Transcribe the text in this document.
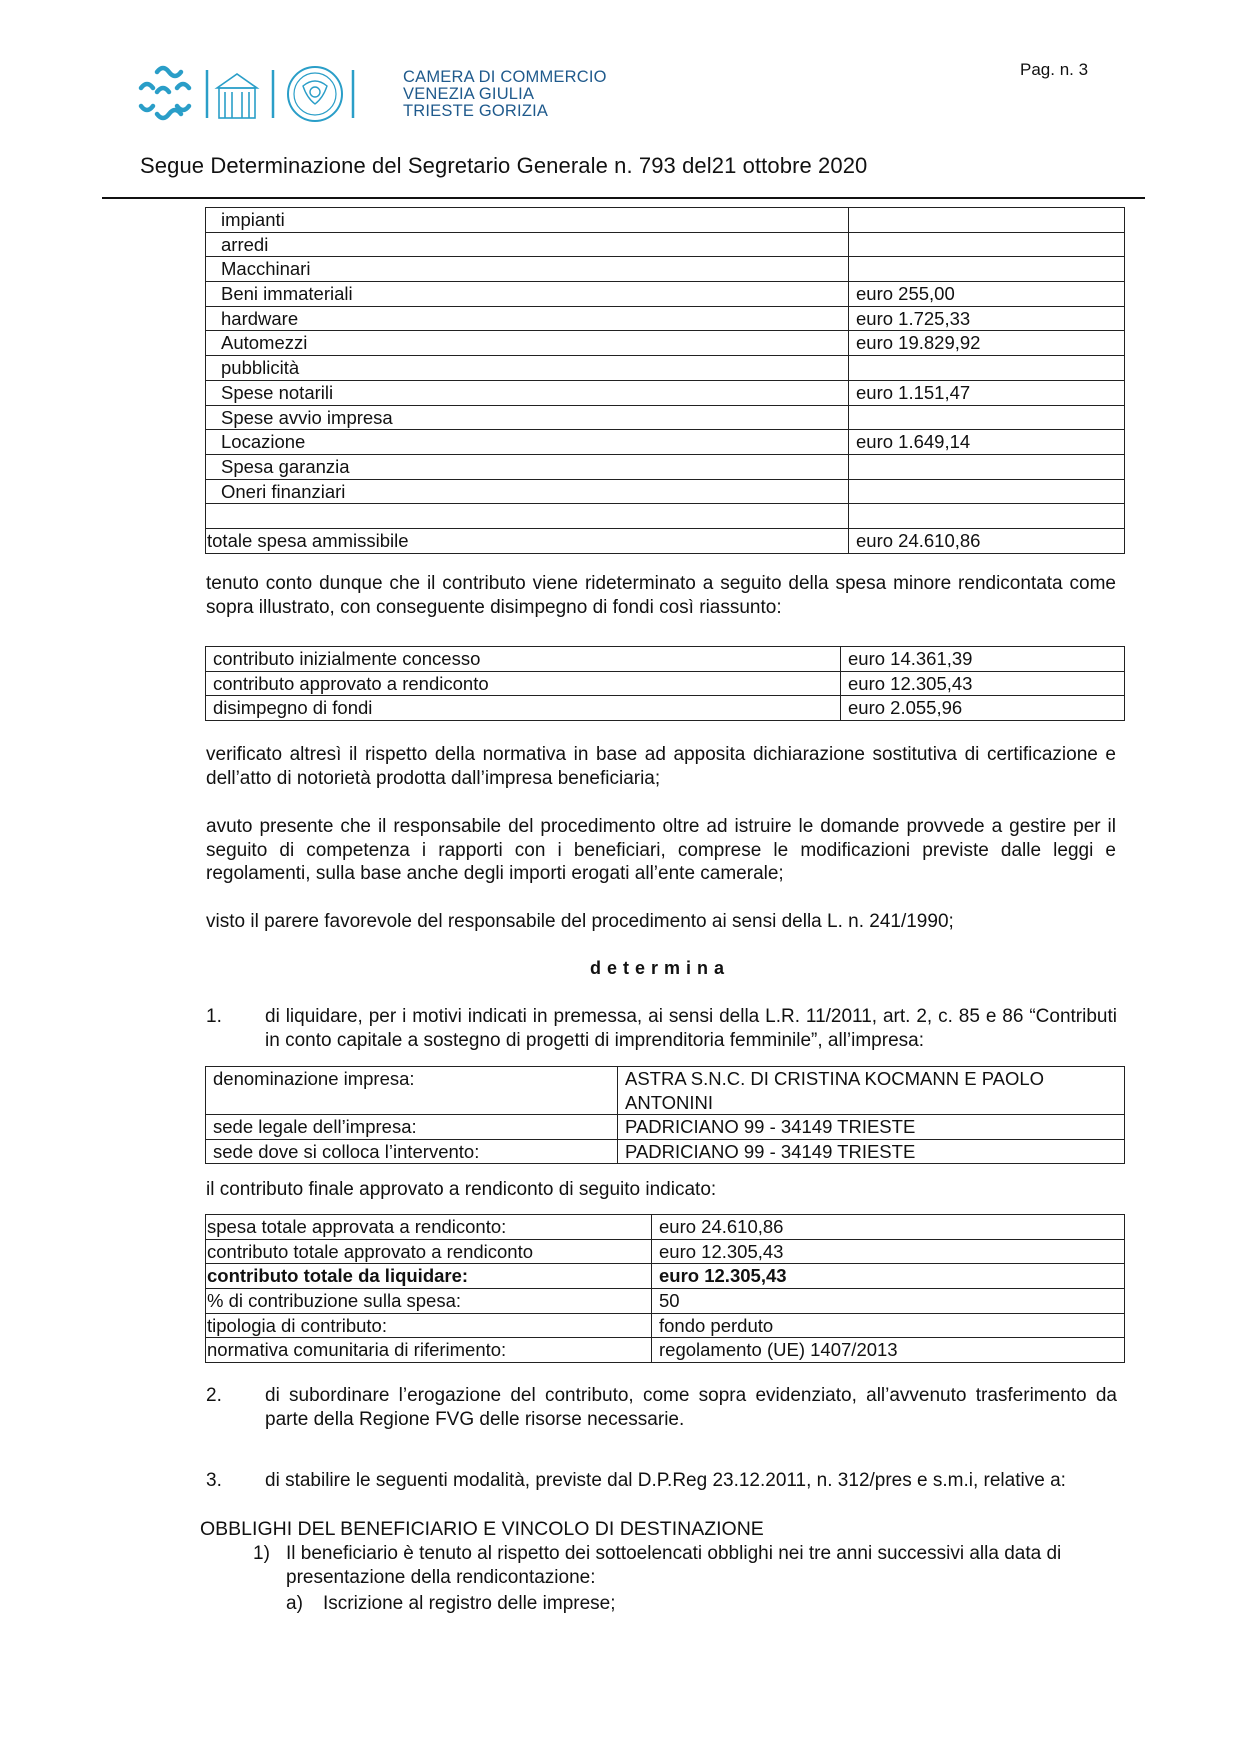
CAMERA DI COMMERCIO
VENEZIA GIULIA
TRIESTE GORIZIA
Pag. n. 3
Segue Determinazione del Segretario Generale n. 793 del21 ottobre 2020
impianti	
arredi	
Macchinari	
Beni immateriali	euro 255,00
hardware	euro 1.725,33
Automezzi	euro 19.829,92
pubblicità	
Spese notarili	euro 1.151,47
Spese avvio impresa	
Locazione	euro 1.649,14
Spesa garanzia	
Oneri finanziari	

totale spesa ammissibile	euro 24.610,86
tenuto conto dunque che il contributo viene rideterminato a seguito della spesa minore rendicontata come sopra illustrato, con conseguente disimpegno di fondi così riassunto:
contributo inizialmente concesso	euro 14.361,39
contributo approvato a rendiconto	euro 12.305,43
disimpegno di fondi	euro 2.055,96
verificato altresì il rispetto della normativa in base ad apposita dichiarazione sostitutiva di certificazione e dell’atto di notorietà prodotta dall’impresa beneficiaria;
avuto presente che il responsabile del procedimento oltre ad istruire le domande provvede a gestire per il seguito di competenza i rapporti con i beneficiari, comprese le modificazioni previste dalle leggi e regolamenti, sulla base anche degli importi erogati all’ente camerale;
visto il parere favorevole del responsabile del procedimento ai sensi della L. n. 241/1990;
determina
1. di liquidare, per i motivi indicati in premessa, ai sensi della L.R. 11/2011, art. 2, c. 85 e 86 “Contributi in conto capitale a sostegno di progetti di imprenditoria femminile”, all’impresa:
denominazione impresa:	ASTRA S.N.C. DI CRISTINA KOCMANN E PAOLO ANTONINI
sede legale dell’impresa:	PADRICIANO 99 - 34149 TRIESTE
sede dove si colloca l’intervento:	PADRICIANO 99 - 34149 TRIESTE
il contributo finale approvato a rendiconto di seguito indicato:
spesa totale approvata a rendiconto:	euro 24.610,86
contributo totale approvato a rendiconto	euro 12.305,43
contributo totale da liquidare:	euro 12.305,43
% di contribuzione sulla spesa:	50
tipologia di contributo:	fondo perduto
normativa comunitaria di riferimento:	regolamento (UE) 1407/2013
2. di subordinare l’erogazione del contributo, come sopra evidenziato, all’avvenuto trasferimento da parte della Regione FVG delle risorse necessarie.
3. di stabilire le seguenti modalità, previste dal D.P.Reg 23.12.2011, n. 312/pres e s.m.i, relative a:
OBBLIGHI DEL BENEFICIARIO E VINCOLO DI DESTINAZIONE
1) Il beneficiario è tenuto al rispetto dei sottoelencati obblighi nei tre anni successivi alla data di presentazione della rendicontazione:
a) Iscrizione al registro delle imprese;
